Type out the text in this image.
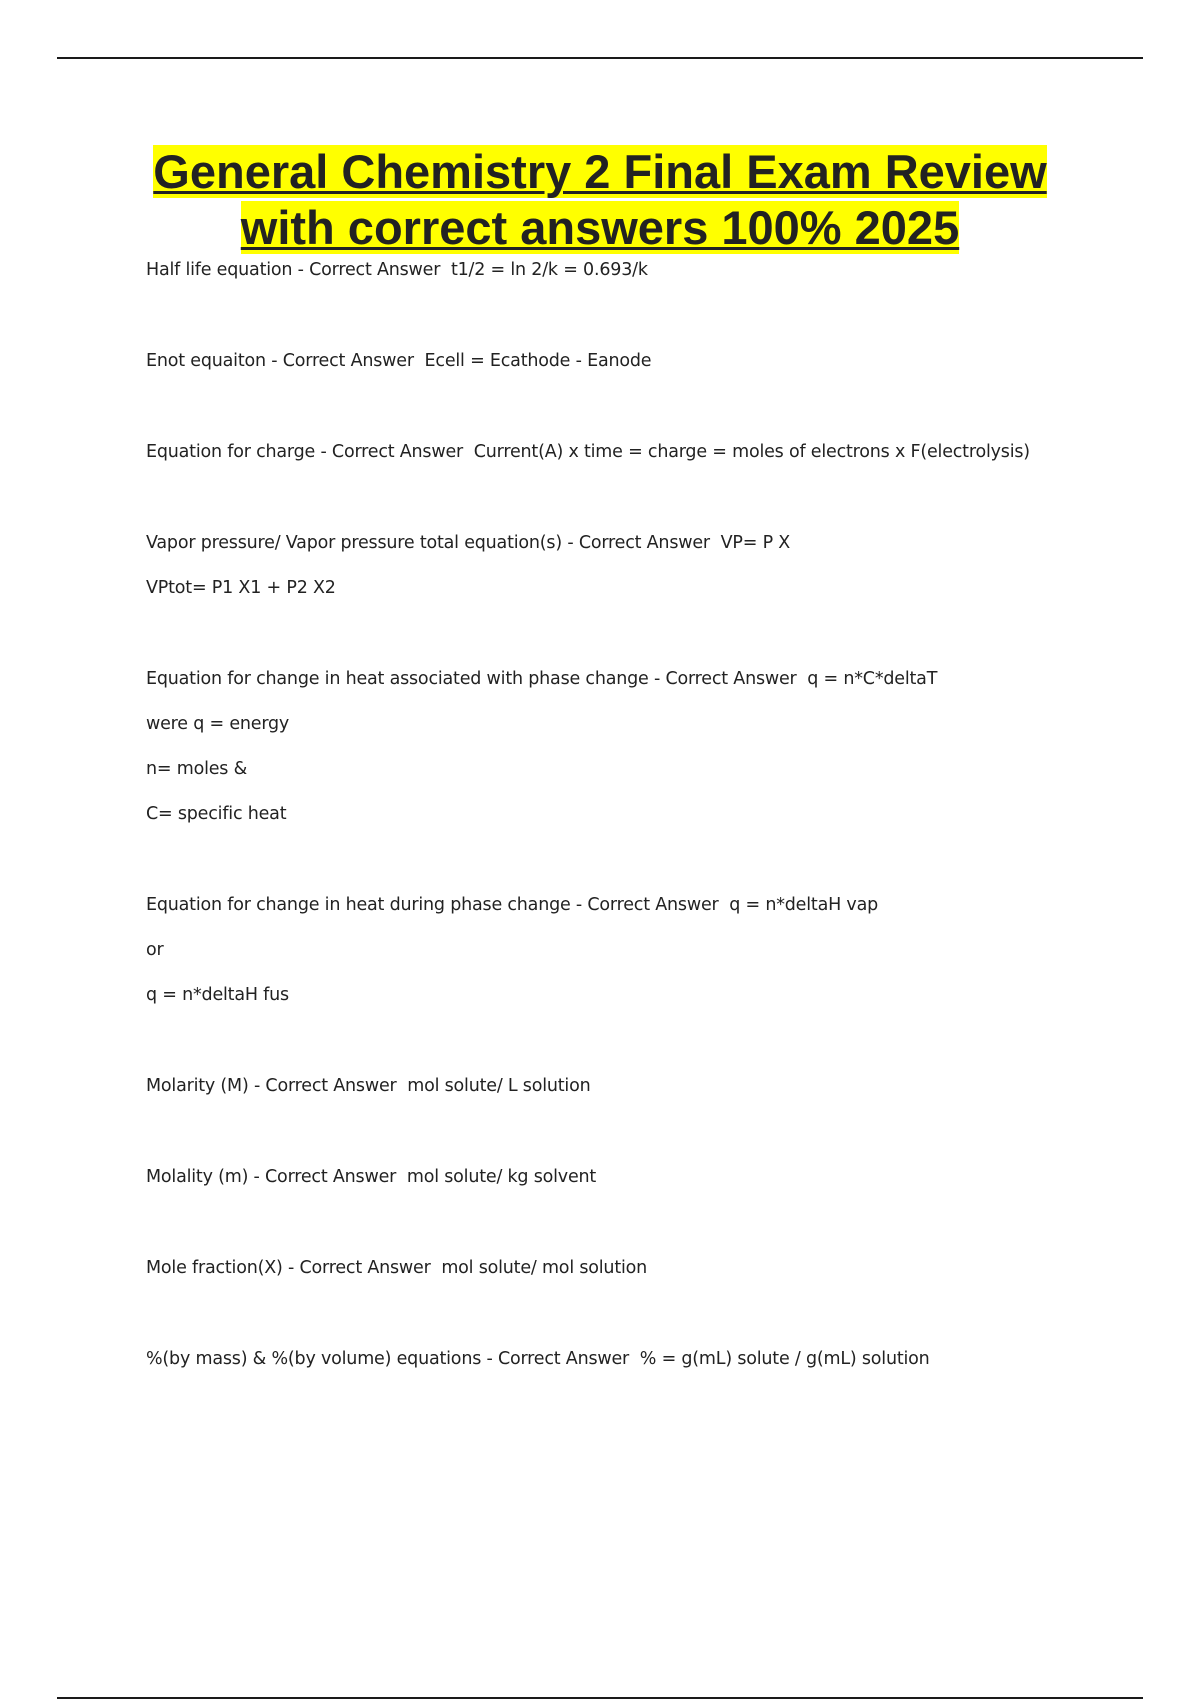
General Chemistry 2 Final Exam Review
with correct answers 100% 2025
Half life equation - Correct Answer  t1/2 = ln 2/k = 0.693/k
Enot equaiton - Correct Answer  Ecell = Ecathode - Eanode
Equation for charge - Correct Answer  Current(A) x time = charge = moles of electrons x F(electrolysis)
Vapor pressure/ Vapor pressure total equation(s) - Correct Answer  VP= P X
VPtot= P1 X1 + P2 X2
Equation for change in heat associated with phase change - Correct Answer  q = n*C*deltaT
were q = energy
n= moles &
C= specific heat
Equation for change in heat during phase change - Correct Answer  q = n*deltaH vap
or
q = n*deltaH fus
Molarity (M) - Correct Answer  mol solute/ L solution
Molality (m) - Correct Answer  mol solute/ kg solvent
Mole fraction(X) - Correct Answer  mol solute/ mol solution
%(by mass) & %(by volume) equations - Correct Answer  % = g(mL) solute / g(mL) solution
